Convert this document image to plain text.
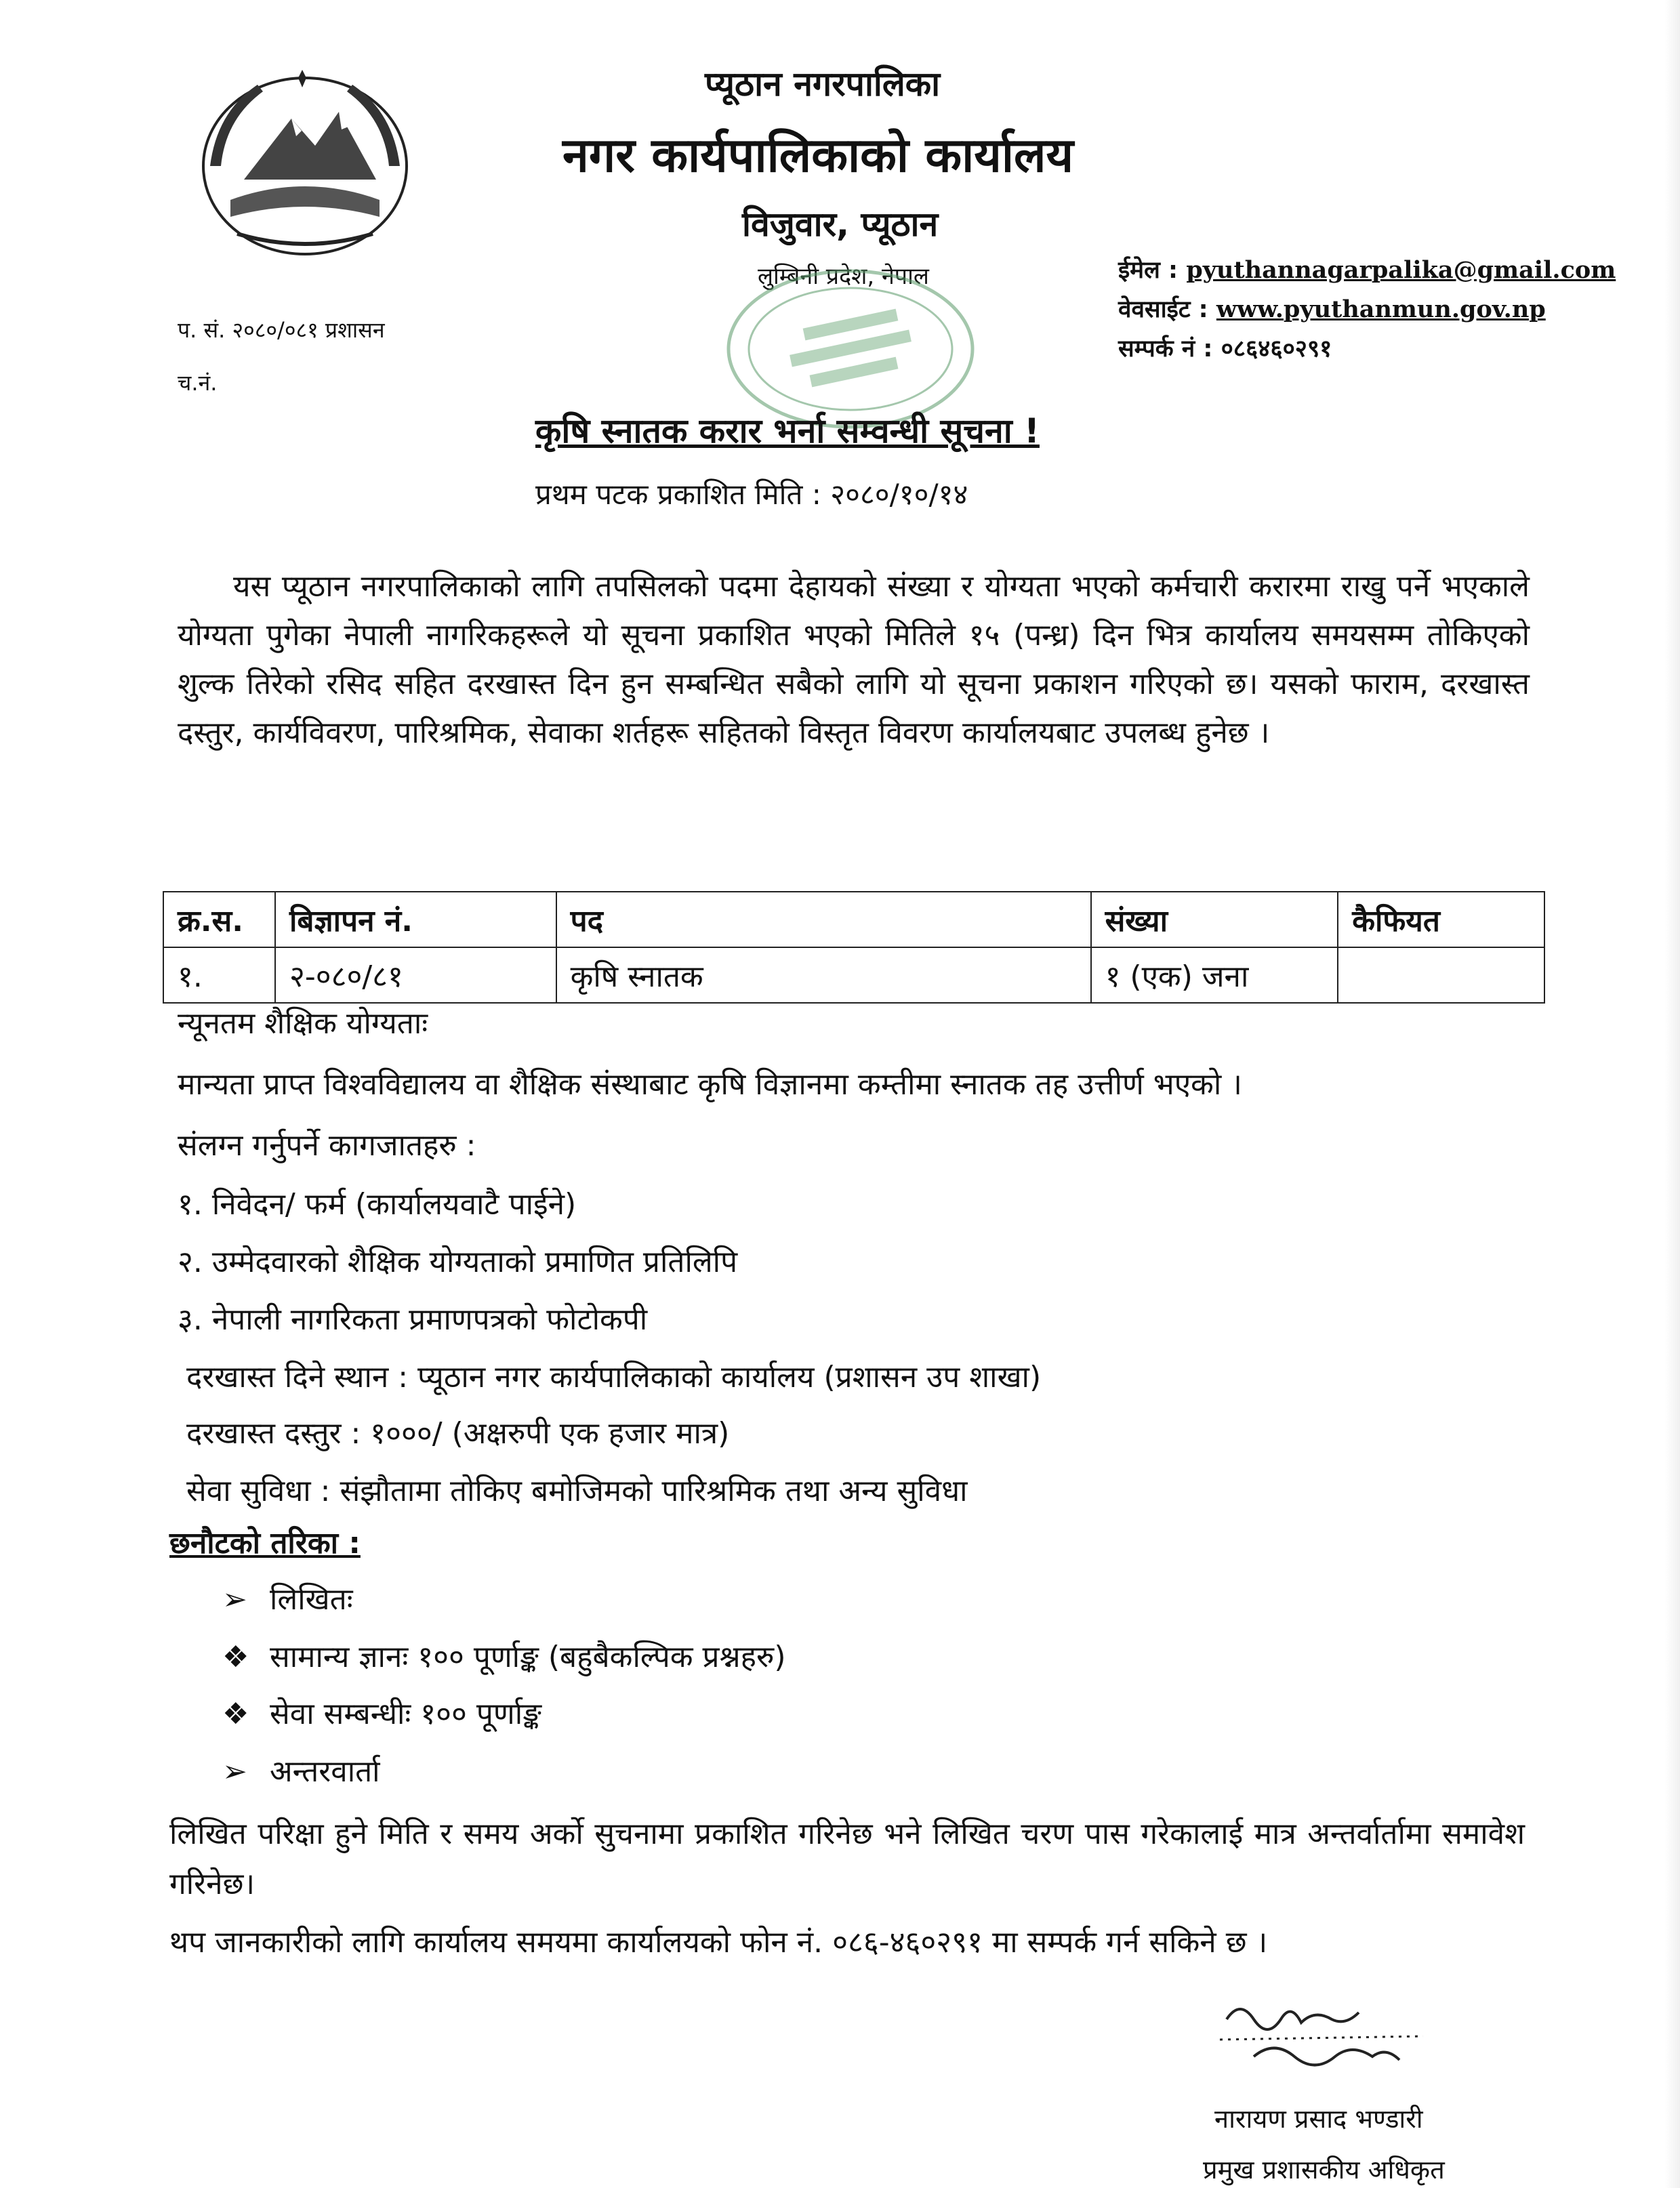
प्यूठान नगरपालिका
नगर कार्यपालिकाको कार्यालय
विजुवार, प्यूठान
लुम्बिनी प्रदेश, नेपाल	ईमेल : pyuthannagarpalika@gmail.com
वेवसाईट : www.pyuthanmun.gov.np
सम्पर्क नं : ०८६४६०२९१
प. सं. २०८०/०८१ प्रशासन
च.नं.
कृषि स्नातक करार भर्ना सम्वन्धी सूचना !
प्रथम पटक प्रकाशित मिति : २०८०/१०/१४
यस प्यूठान नगरपालिकाको लागि तपसिलको पदमा देहायको संख्या र योग्यता भएको कर्मचारी करारमा राखु पर्ने भएकाले योग्यता पुगेका नेपाली नागरिकहरूले यो सूचना प्रकाशित भएको मितिले १५ (पन्ध्र) दिन भित्र कार्यालय समयसम्म तोकिएको शुल्क तिरेको रसिद सहित दरखास्त दिन हुन सम्बन्धित सबैको लागि यो सूचना प्रकाशन गरिएको छ। यसको फाराम, दरखास्त दस्तुर, कार्यविवरण, पारिश्रमिक, सेवाका शर्तहरू सहितको विस्तृत विवरण कार्यालयबाट उपलब्ध हुनेछ ।
क्र.स.	बिज्ञापन नं.	पद	संख्या	कैफियत
१.	२-०८०/८१	कृषि स्नातक	१ (एक) जना	
न्यूनतम शैक्षिक योग्यताः
मान्यता प्राप्त विश्वविद्यालय वा शैक्षिक संस्थाबाट कृषि विज्ञानमा कम्तीमा स्नातक तह उत्तीर्ण भएको ।
संलग्न गर्नुपर्ने कागजातहरु :
१. निवेदन/ फर्म (कार्यालयवाटै पाईने)
२. उम्मेदवारको शैक्षिक योग्यताको प्रमाणित प्रतिलिपि
३. नेपाली नागरिकता प्रमाणपत्रको फोटोकपी
दरखास्त दिने स्थान : प्यूठान नगर कार्यपालिकाको कार्यालय (प्रशासन उप शाखा)
दरखास्त दस्तुर : १०००/ (अक्षरुपी एक हजार मात्र)
सेवा सुविधा : संझौतामा तोकिए बमोजिमको पारिश्रमिक तथा अन्य सुविधा
छनौटको तरिका :
➢ लिखितः
❖ सामान्य ज्ञानः १०० पूर्णाङ्क (बहुबैकल्पिक प्रश्नहरु)
❖ सेवा सम्बन्धीः १०० पूर्णाङ्क
➢ अन्तरवार्ता
लिखित परिक्षा हुने मिति र समय अर्को सुचनामा प्रकाशित गरिनेछ भने लिखित चरण पास गरेकालाई मात्र अन्तर्वार्तामा समावेश गरिनेछ।
थप जानकारीको लागि कार्यालय समयमा कार्यालयको फोन नं. ०८६-४६०२९१ मा सम्पर्क गर्न सकिने छ ।
नारायण प्रसाद भण्डारी
प्रमुख प्रशासकीय अधिकृत
